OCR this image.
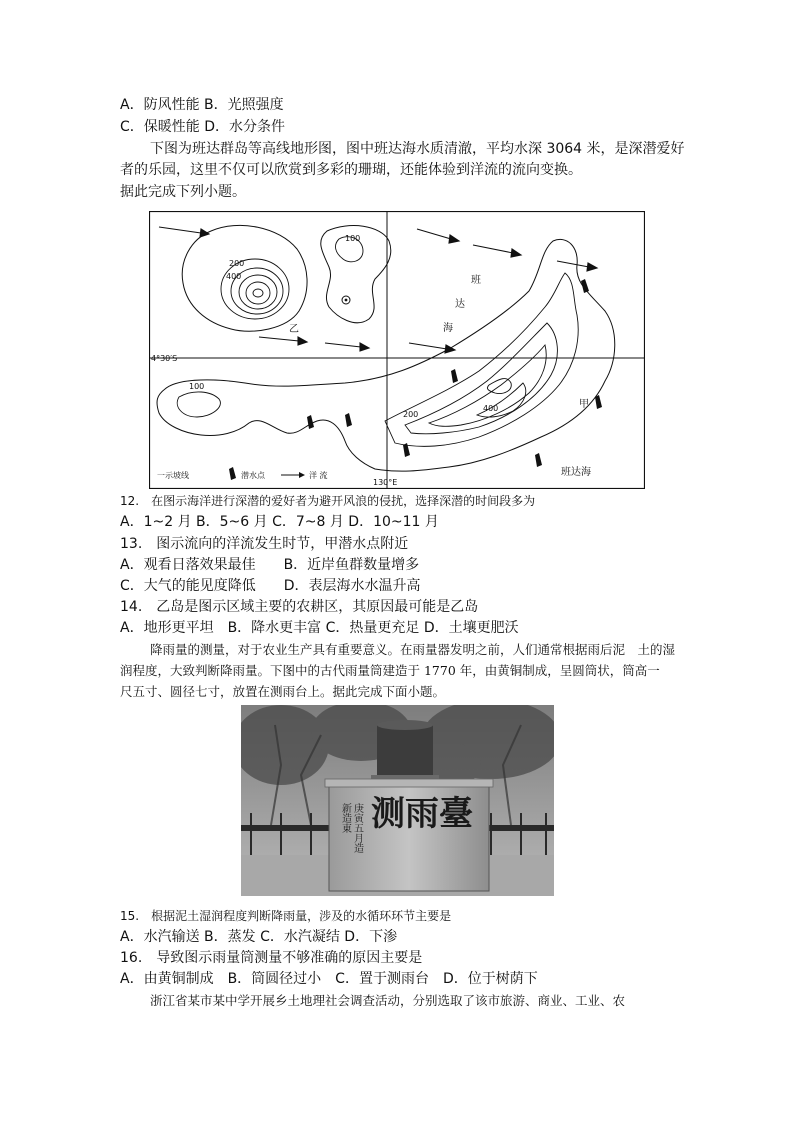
A．防风性能 B．光照强度
C．保暖性能 D．水分条件
下图为班达群岛等高线地形图，图中班达海水质清澈，平均水深 3064 米，是深潜爱好
者的乐园，这里不仅可以欣赏到多彩的珊瑚，还能体验到洋流的流向变换。
据此完成下列小题。
100
200
400
100
200
400
乙
甲
班
达
海
班达海
4°30′S
130°E
一示坡线	潜水点	洋 流
12.　在图示海洋进行深潜的爱好者为避开风浪的侵扰，选择深潜的时间段多为
A．1~2 月 B．5~6 月 C．7~8 月 D．10~11 月
13.　图示流向的洋流发生时节，甲潜水点附近
A．观看日落效果最佳　　B．近岸鱼群数量增多
C．大气的能见度降低　　D．表层海水水温升高
14.　乙岛是图示区域主要的农耕区，其原因最可能是乙岛
A．地形更平坦　B．降水更丰富 C．热量更充足 D．土壤更肥沃
降雨量的测量，对于农业生产具有重要意义。在雨量器发明之前，人们通常根据雨后泥　土的湿
润程度，大致判断降雨量。下图中的古代雨量筒建造于 1770 年，由黄铜制成，呈圆筒状，筒高一
尺五寸、圆径七寸，放置在测雨台上。据此完成下面小题。
测雨臺
新造東 庚寅五月造
15.　根据泥土湿润程度判断降雨量，涉及的水循环环节主要是
A．水汽输送 B．蒸发 C．水汽凝结 D．下渗
16.　导致图示雨量筒测量不够准确的原因主要是
A．由黄铜制成　B．筒圆径过小　C．置于测雨台　D．位于树荫下
浙江省某市某中学开展乡土地理社会调查活动，分别选取了该市旅游、商业、工业、农
